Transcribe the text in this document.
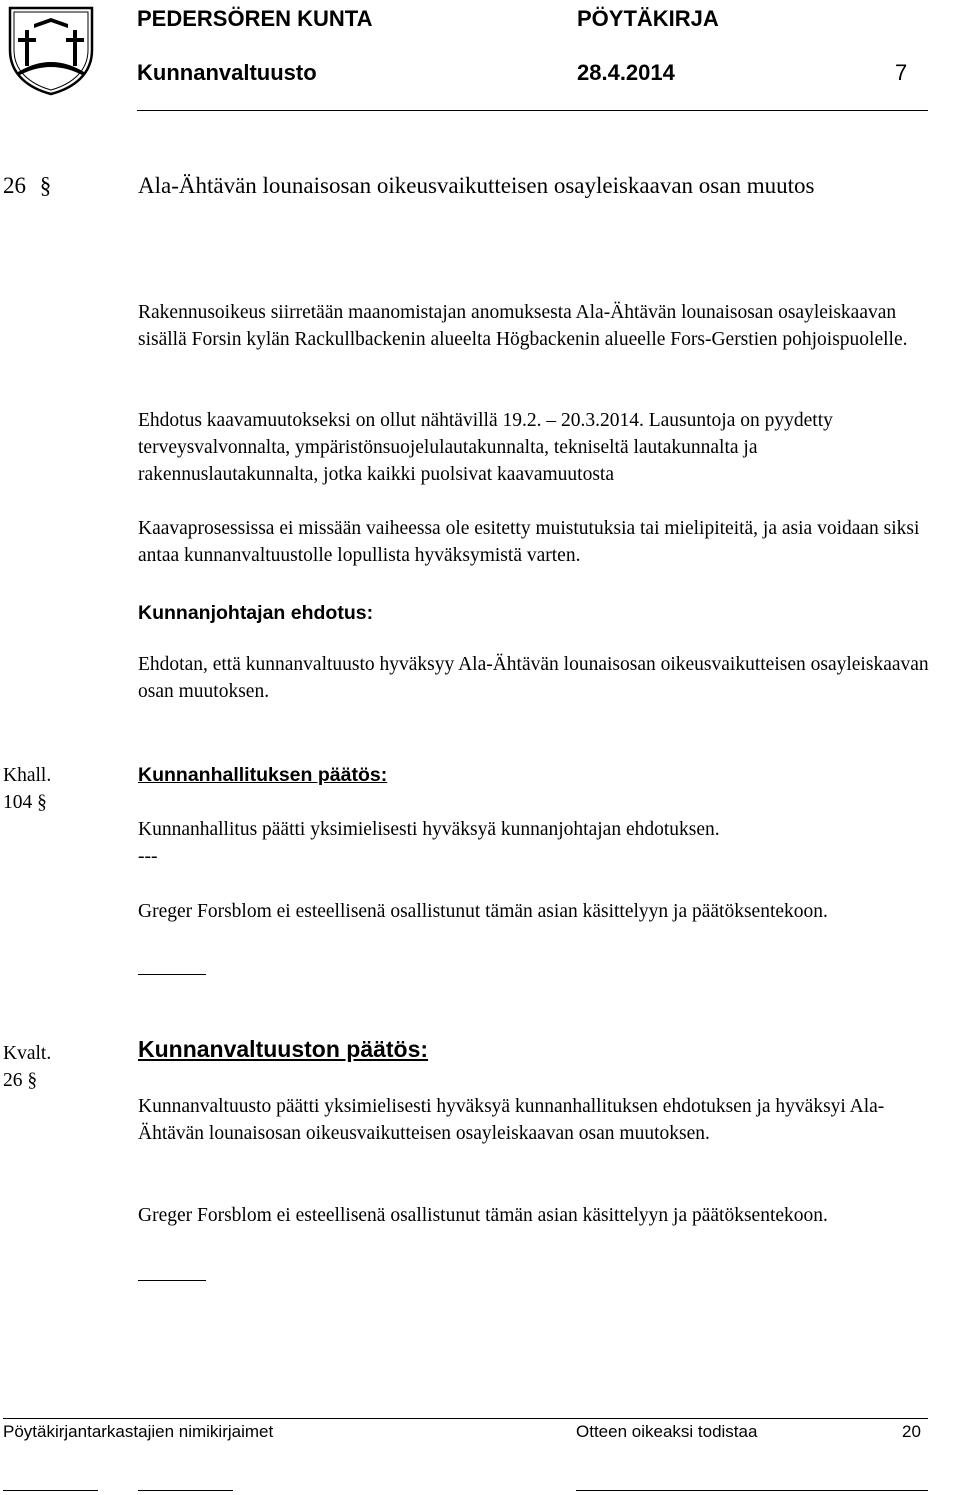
PEDERSÖREN KUNTA	PÖYTÄKIRJA
Kunnanvaltuusto	28.4.2014	7
26 §	Ala-Ähtävän lounaisosan oikeusvaikutteisen osayleiskaavan osan muutos

Rakennusoikeus siirretään maanomistajan anomuksesta Ala-Ähtävän lounaisosan osayleiskaavan sisällä Forsin kylän Rackullbackenin alueelta Högbackenin alueelle Fors-Gerstien pohjoispuolelle.

Ehdotus kaavamuutokseksi on ollut nähtävillä 19.2. – 20.3.2014. Lausuntoja on pyydetty terveysvalvonnalta, ympäristönsuojelulautakunnalta, tekniseltä lautakunnalta ja rakennuslautakunnalta, jotka kaikki puolsivat kaavamuutosta

Kaavaprosessissa ei missään vaiheessa ole esitetty muistutuksia tai mielipiteitä, ja asia voidaan siksi antaa kunnanvaltuustolle lopullista hyväksymistä varten.

Kunnanjohtajan ehdotus:

Ehdotan, että kunnanvaltuusto hyväksyy Ala-Ähtävän lounaisosan oikeusvaikutteisen osayleiskaavan osan muutoksen.

Khall.
104 §
Kunnanhallituksen päätös:

Kunnanhallitus päätti yksimielisesti hyväksyä kunnanjohtajan ehdotuksen.

---

Greger Forsblom ei esteellisenä osallistunut tämän asian käsittelyyn ja päätöksentekoon.

Kvalt.
26 §
Kunnanvaltuuston päätös:

Kunnanvaltuusto päätti yksimielisesti hyväksyä kunnanhallituksen ehdotuksen ja hyväksyi Ala-Ähtävän lounaisosan oikeusvaikutteisen osayleiskaavan osan muutoksen.

Greger Forsblom ei esteellisenä osallistunut tämän asian käsittelyyn ja päätöksentekoon.

Pöytäkirjantarkastajien nimikirjaimet	Otteen oikeaksi todistaa	20
